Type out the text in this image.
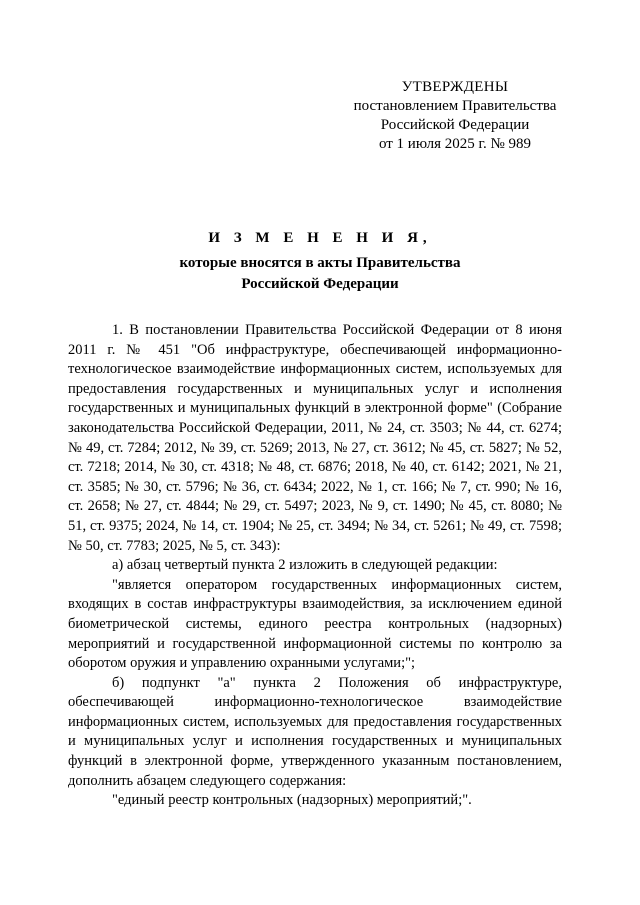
УТВЕРЖДЕНЫ
постановлением Правительства
Российской Федерации
от 1 июля 2025 г. № 989
И З М Е Н Е Н И Я,
которые вносятся в акты Правительства
Российской Федерации

1. В постановлении Правительства Российской Федерации от 8 июня 2011 г. № 451 "Об инфраструктуре, обеспечивающей информационно-технологическое взаимодействие информационных систем, используемых для предоставления государственных и муниципальных услуг и исполнения государственных и муниципальных функций в электронной форме" (Собрание законодательства Российской Федерации, 2011, № 24, ст. 3503; № 44, ст. 6274; № 49, ст. 7284; 2012, № 39, ст. 5269; 2013, № 27, ст. 3612; № 45, ст. 5827; № 52, ст. 7218; 2014, № 30, ст. 4318; № 48, ст. 6876; 2018, № 40, ст. 6142; 2021, № 21, ст. 3585; № 30, ст. 5796; № 36, ст. 6434; 2022, № 1, ст. 166; № 7, ст. 990; № 16, ст. 2658; № 27, ст. 4844; № 29, ст. 5497; 2023, № 9, ст. 1490; № 45, ст. 8080; № 51, ст. 9375; 2024, № 14, ст. 1904; № 25, ст. 3494; № 34, ст. 5261; № 49, ст. 7598; № 50, ст. 7783; 2025, № 5, ст. 343):

а) абзац четвертый пункта 2 изложить в следующей редакции:

"является оператором государственных информационных систем, входящих в состав инфраструктуры взаимодействия, за исключением единой биометрической системы, единого реестра контрольных (надзорных) мероприятий и государственной информационной системы по контролю за оборотом оружия и управлению охранными услугами;";

б) подпункт "а" пункта 2 Положения об инфраструктуре, обеспечивающей информационно-технологическое взаимодействие информационных систем, используемых для предоставления государственных и муниципальных услуг и исполнения государственных и муниципальных функций в электронной форме, утвержденного указанным постановлением, дополнить абзацем следующего содержания:

"единый реестр контрольных (надзорных) мероприятий;".
